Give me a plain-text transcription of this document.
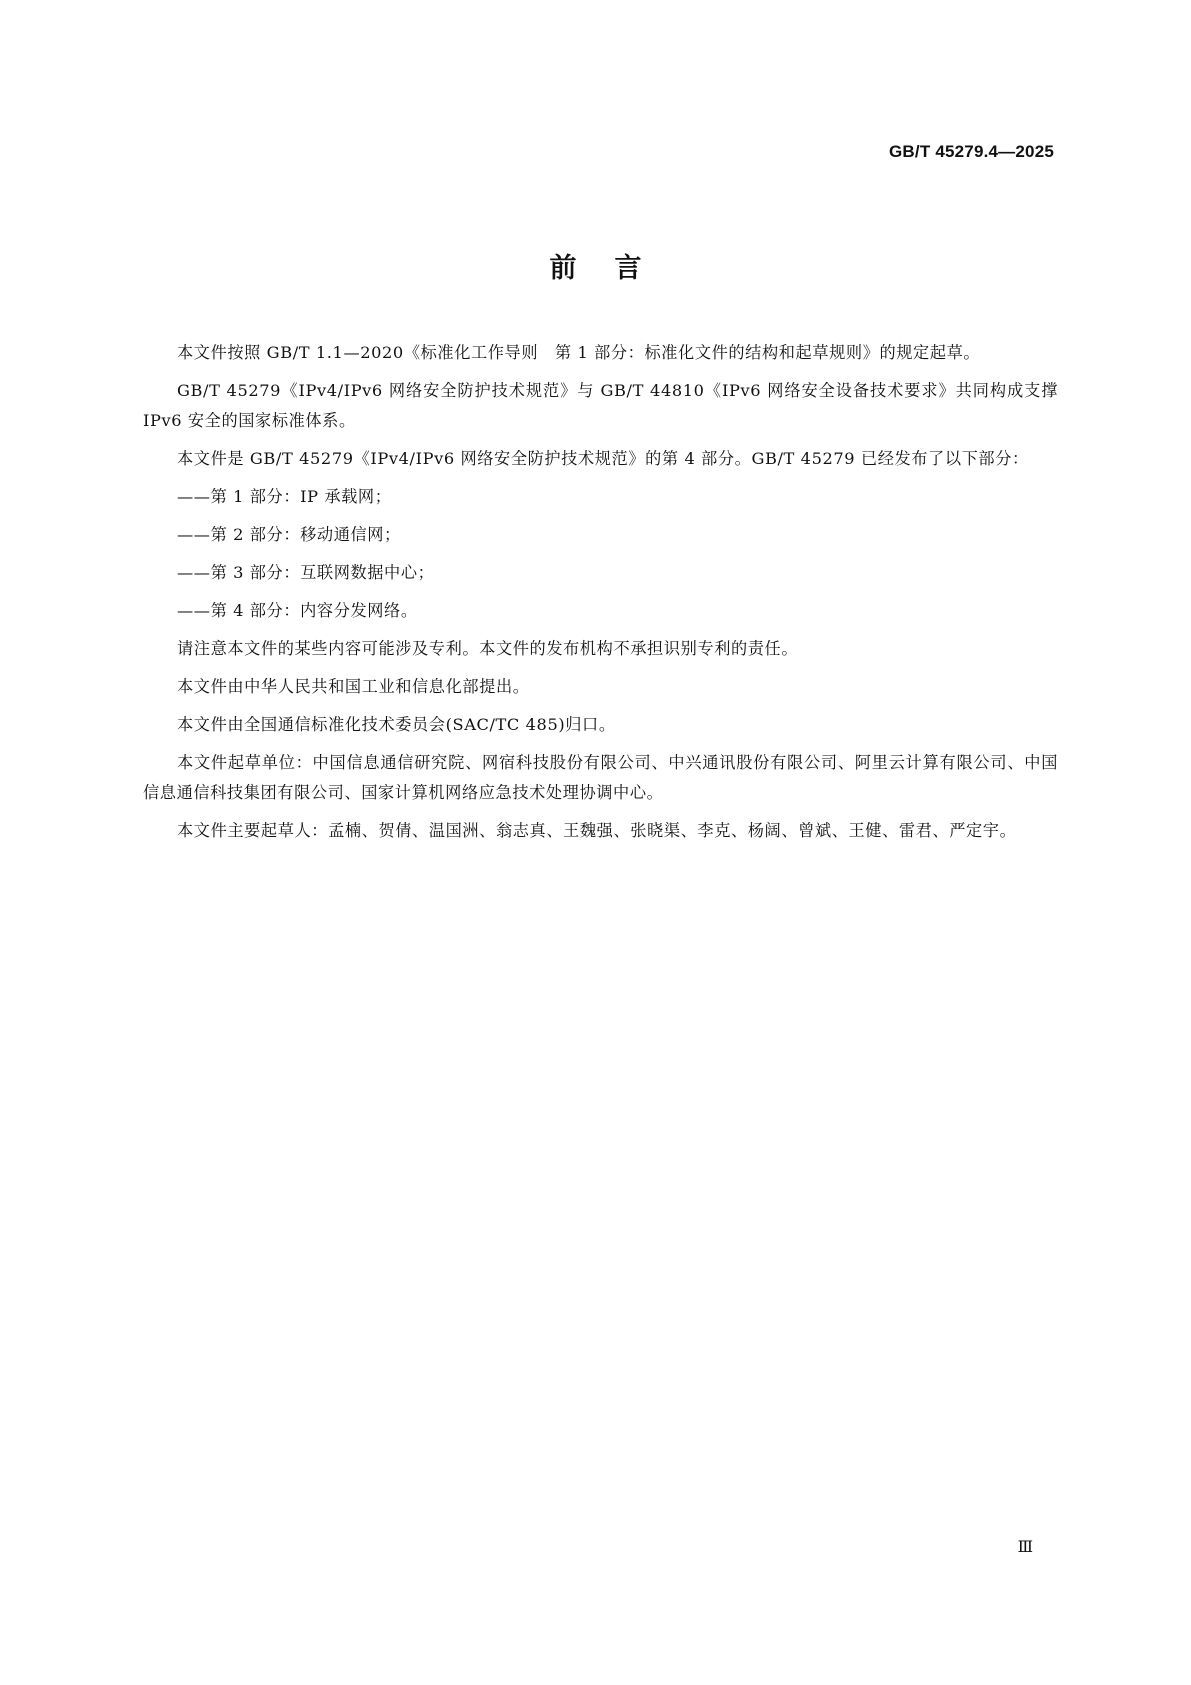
GB/T 45279.4—2025
前言

本文件按照 GB/T 1.1—2020《标准化工作导则　第 1 部分：标准化文件的结构和起草规则》的规定起草。

GB/T 45279《IPv4/IPv6 网络安全防护技术规范》与 GB/T 44810《IPv6 网络安全设备技术要求》共同构成支撑 IPv6 安全的国家标准体系。

本文件是 GB/T 45279《IPv4/IPv6 网络安全防护技术规范》的第 4 部分。GB/T 45279 已经发布了以下部分：

——第 1 部分：IP 承载网；

——第 2 部分：移动通信网；

——第 3 部分：互联网数据中心；

——第 4 部分：内容分发网络。

请注意本文件的某些内容可能涉及专利。本文件的发布机构不承担识别专利的责任。

本文件由中华人民共和国工业和信息化部提出。

本文件由全国通信标准化技术委员会(SAC/TC 485)归口。

本文件起草单位：中国信息通信研究院、网宿科技股份有限公司、中兴通讯股份有限公司、阿里云计算有限公司、中国信息通信科技集团有限公司、国家计算机网络应急技术处理协调中心。

本文件主要起草人：孟楠、贺倩、温国洲、翁志真、王魏强、张晓渠、李克、杨阔、曾斌、王健、雷君、严定宇。

Ⅲ
